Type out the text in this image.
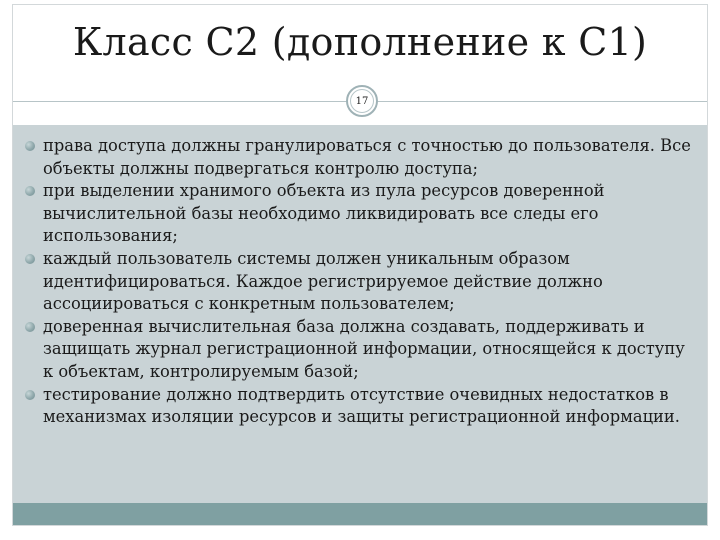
Класс С2 (дополнение к С1)
17
права доступа должны гранулироваться с точностью до пользователя. Все объекты должны подвергаться контролю доступа;
при выделении хранимого объекта из пула ресурсов доверенной вычислительной базы необходимо ликвидировать все следы его использования;
каждый пользователь системы должен уникальным образом идентифицироваться. Каждое регистрируемое действие должно ассоциироваться с конкретным пользователем;
доверенная вычислительная база должна создавать, поддерживать и защищать журнал регистрационной информации, относящейся к доступу к объектам, контролируемым базой;
тестирование должно подтвердить отсутствие очевидных недостатков в механизмах изоляции ресурсов и защиты регистрационной информации.
